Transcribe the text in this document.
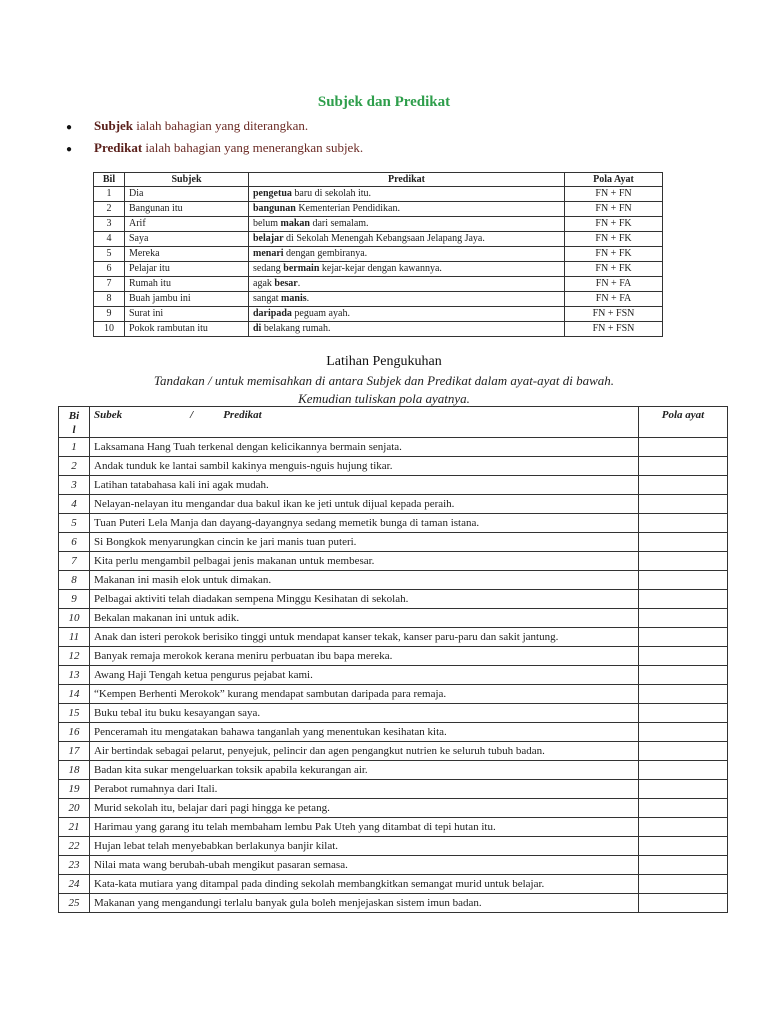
Subjek dan Predikat
● Subjek ialah bahagian yang diterangkan.
● Predikat ialah bahagian yang menerangkan subjek.
Bil	Subjek	Predikat	Pola Ayat
1	Dia	pengetua baru di sekolah itu.	FN + FN
2	Bangunan itu	bangunan Kementerian Pendidikan.	FN + FN
3	Arif	belum makan dari semalam.	FN + FK
4	Saya	belajar di Sekolah Menengah Kebangsaan Jelapang Jaya.	FN + FK
5	Mereka	menari dengan gembiranya.	FN + FK
6	Pelajar itu	sedang bermain kejar-kejar dengan kawannya.	FN + FK
7	Rumah itu	agak besar.	FN + FA
8	Buah jambu ini	sangat manis.	FN + FA
9	Surat ini	daripada peguam ayah.	FN + FSN
10	Pokok rambutan itu	di belakang rumah.	FN + FSN
Latihan Pengukuhan
Tandakan / untuk memisahkan di antara Subjek dan Predikat dalam ayat-ayat di bawah.
Kemudian tuliskan pola ayatnya.
Bi
l	Subek / Predikat	Pola ayat
1	Laksamana Hang Tuah terkenal dengan kelicikannya bermain senjata.	
2	Andak tunduk ke lantai sambil kakinya menguis-nguis hujung tikar.	
3	Latihan tatabahasa kali ini agak mudah.	
4	Nelayan-nelayan itu mengandar dua bakul ikan ke jeti untuk dijual kepada peraih.	
5	Tuan Puteri Lela Manja dan dayang-dayangnya sedang memetik bunga di taman istana.	
6	Si Bongkok menyarungkan cincin ke jari manis tuan puteri.	
7	Kita perlu mengambil pelbagai jenis makanan untuk membesar.	
8	Makanan ini masih elok untuk dimakan.	
9	Pelbagai aktiviti telah diadakan sempena Minggu Kesihatan di sekolah.	
10	Bekalan makanan ini untuk adik.	
11	Anak dan isteri perokok berisiko tinggi untuk mendapat kanser tekak, kanser paru-paru dan sakit jantung.	
12	Banyak remaja merokok kerana meniru perbuatan ibu bapa mereka.	
13	Awang Haji Tengah ketua pengurus pejabat kami.	
14	“Kempen Berhenti Merokok” kurang mendapat sambutan daripada para remaja.	
15	Buku tebal itu buku kesayangan saya.	
16	Penceramah itu mengatakan bahawa tanganlah yang menentukan kesihatan kita.	
17	Air bertindak sebagai pelarut, penyejuk, pelincir dan agen pengangkut nutrien ke seluruh tubuh badan.	
18	Badan kita sukar mengeluarkan toksik apabila kekurangan air.	
19	Perabot rumahnya dari Itali.	
20	Murid sekolah itu, belajar dari pagi hingga ke petang.	
21	Harimau yang garang itu telah membaham lembu Pak Uteh yang ditambat di tepi hutan itu.	
22	Hujan lebat telah menyebabkan berlakunya banjir kilat.	
23	Nilai mata wang berubah-ubah mengikut pasaran semasa.	
24	Kata-kata mutiara yang ditampal pada dinding sekolah membangkitkan semangat murid untuk belajar.	
25	Makanan yang mengandungi terlalu banyak gula boleh menjejaskan sistem imun badan.	
